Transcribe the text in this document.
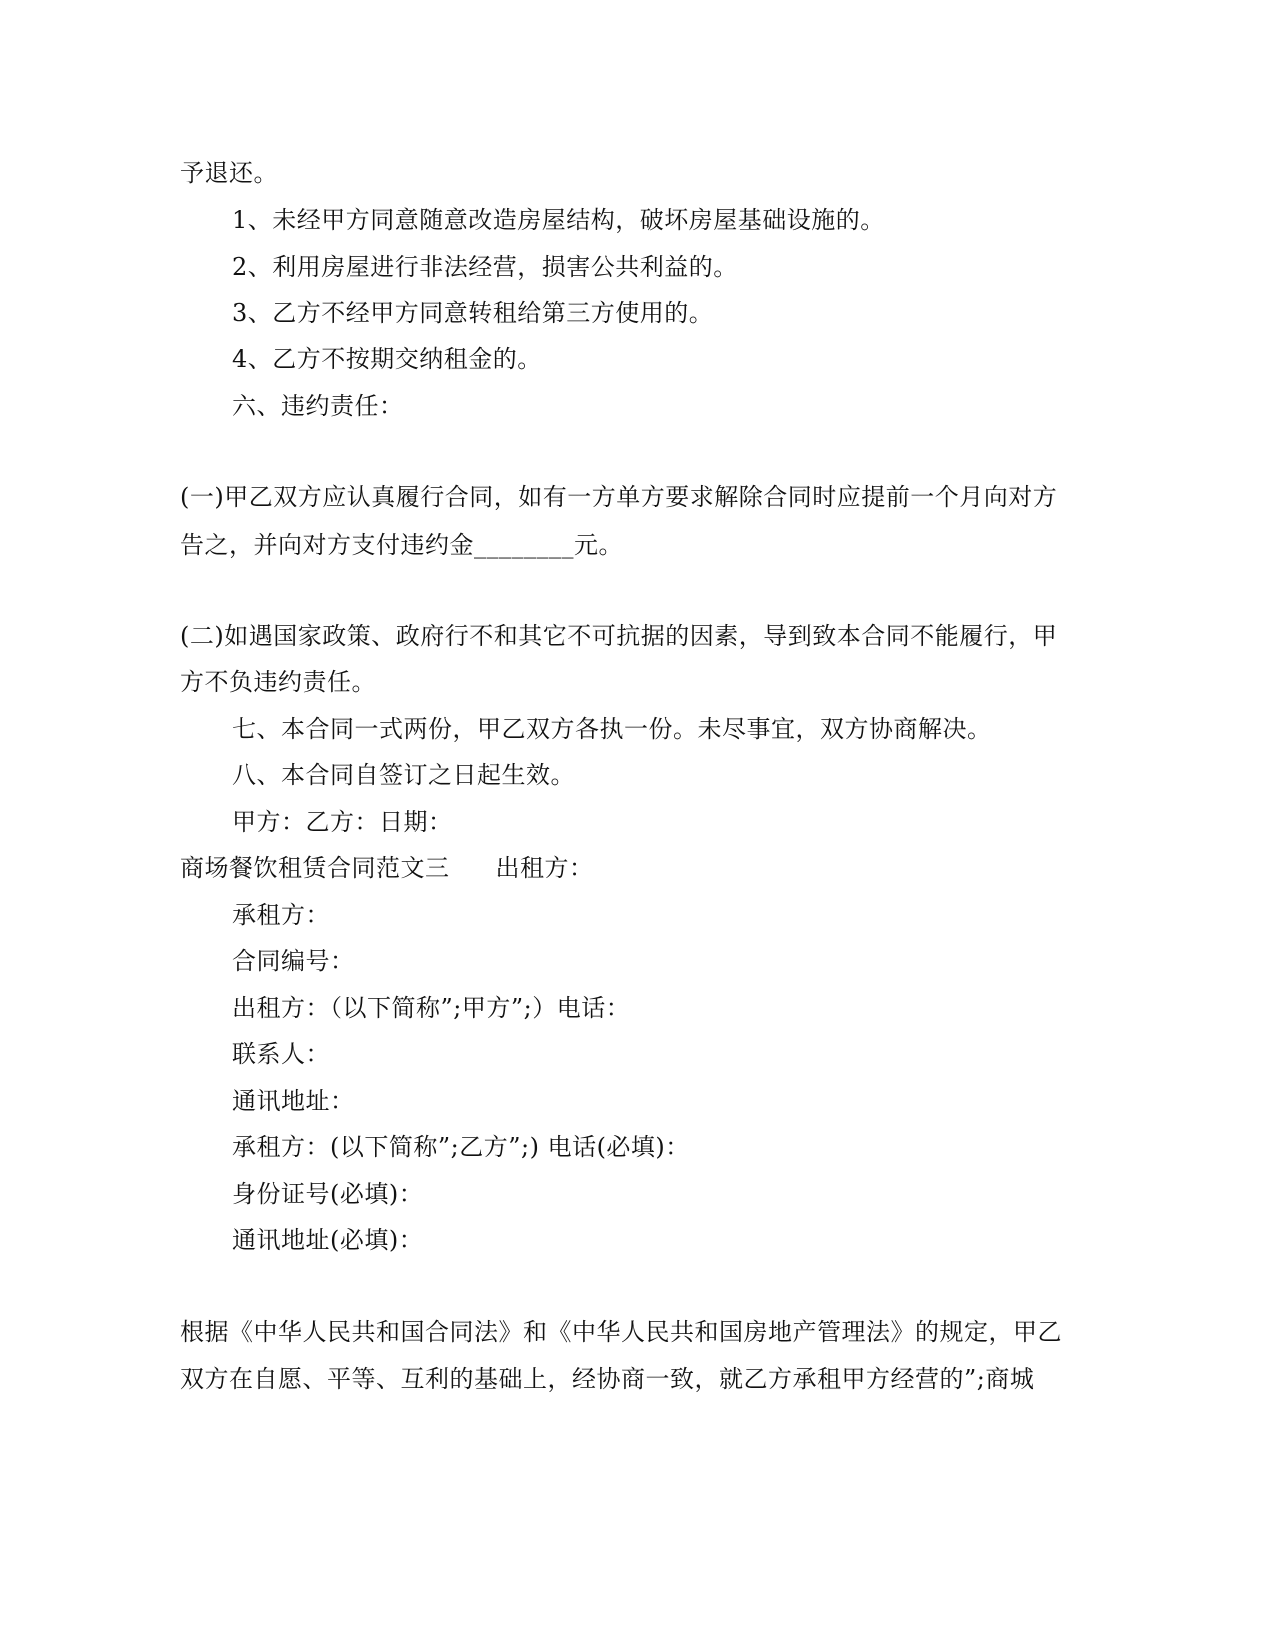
予退还。
1、未经甲方同意随意改造房屋结构，破坏房屋基础设施的。
2、利用房屋进行非法经营，损害公共利益的。
3、乙方不经甲方同意转租给第三方使用的。
4、乙方不按期交纳租金的。
六、违约责任：
(一)甲乙双方应认真履行合同，如有一方单方要求解除合同时应提前一个月向对方
告之，并向对方支付违约金________元。
(二)如遇国家政策、政府行不和其它不可抗据的因素，导到致本合同不能履行，甲
方不负违约责任。
七、本合同一式两份，甲乙双方各执一份。未尽事宜，双方协商解决。
八、本合同自签订之日起生效。
甲方：乙方：日期：
商场餐饮租赁合同范文三 出租方：
承租方：
合同编号：
出租方：（以下简称”;甲方”;）电话：
联系人：
通讯地址：
承租方：(以下简称”;乙方”;) 电话(必填)：
身份证号(必填)：
通讯地址(必填)：
根据《中华人民共和国合同法》和《中华人民共和国房地产管理法》的规定，甲乙
双方在自愿、平等、互利的基础上，经协商一致，就乙方承租甲方经营的”;商城
